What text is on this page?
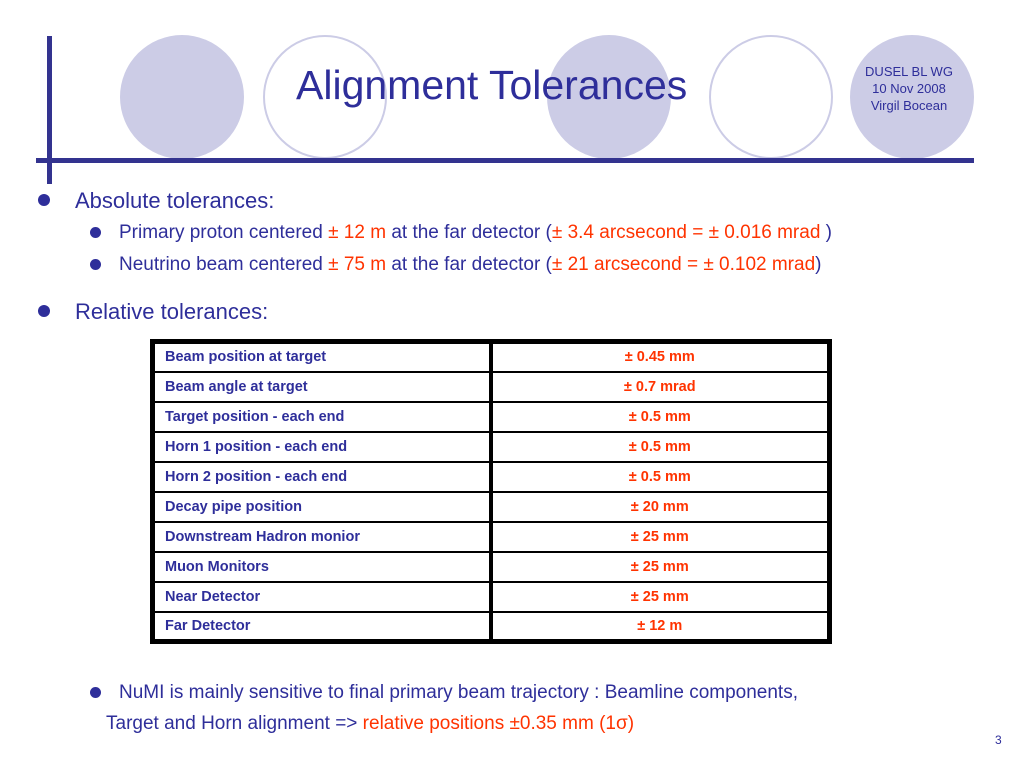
Alignment Tolerances	DUSEL BL WG
10 Nov 2008
Virgil Bocean
Absolute tolerances:
Primary proton centered ± 12 m at the far detector (± 3.4 arcsecond = ± 0.016 mrad )
Neutrino beam centered ± 75 m at the far detector (± 21 arcsecond = ± 0.102 mrad)
Relative tolerances:
Beam position at target	± 0.45 mm
Beam angle at target	± 0.7 mrad
Target position - each end	± 0.5 mm
Horn 1 position - each end	± 0.5 mm
Horn 2 position - each end	± 0.5 mm
Decay pipe position	± 20 mm
Downstream Hadron monior	± 25 mm
Muon Monitors	± 25 mm
Near Detector	± 25 mm
Far Detector	± 12 m
NuMI is mainly sensitive to final primary beam trajectory : Beamline components,
Target and Horn alignment => relative positions ±0.35 mm (1σ)
3
